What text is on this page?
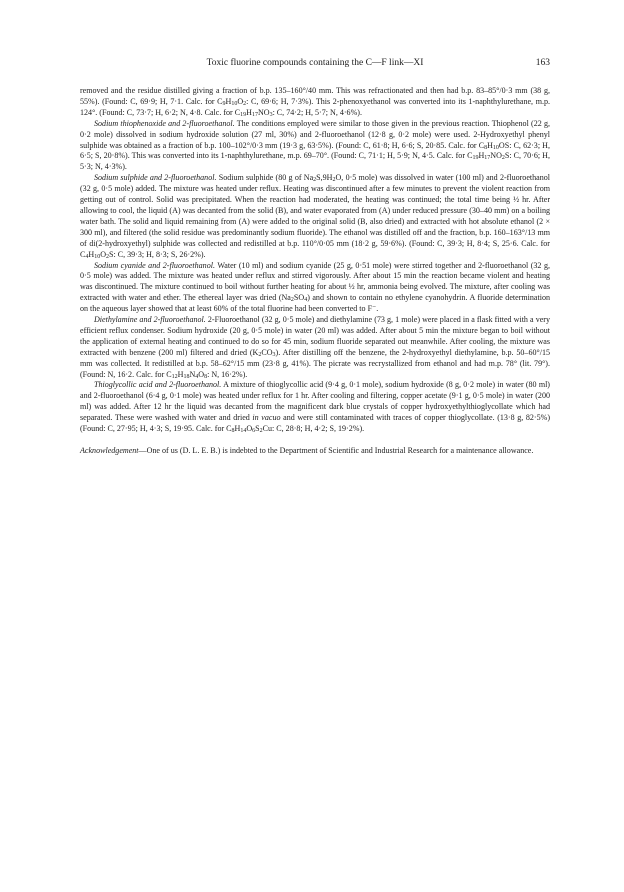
Toxic fluorine compounds containing the C—F link—XI	163

removed and the residue distilled giving a fraction of b.p. 135–160°/40 mm. This was refractionated and then had b.p. 83–85°/0·3 mm (38 g, 55%). (Found: C, 69·9; H, 7·1. Calc. for $C_9H_{10}O_2$: C, 69·6; H, 7·3%). This 2-phenoxyethanol was converted into its 1-naphthylurethane, m.p. 124°. (Found: C, 73·7; H, 6·2; N, 4·8. Calc. for $C_{19}H_{17}NO_3$: C, 74·2; H, 5·7; N, 4·6%).

Sodium thiophenoxide and 2-fluoroethanol. The conditions employed were similar to those given in the previous reaction. Thiophenol (22 g, 0·2 mole) dissolved in sodium hydroxide solution (27 ml, 30%) and 2-fluoroethanol (12·8 g, 0·2 mole) were used. 2-Hydroxyethyl phenyl sulphide was obtained as a fraction of b.p. 100–102°/0·3 mm (19·3 g, 63·5%). (Found: C, 61·8; H, 6·6; S, 20·85. Calc. for $C_8H_{10}OS$: C, 62·3; H, 6·5; S, 20·8%). This was converted into its 1-naphthylurethane, m.p. 69–70°. (Found: C, 71·1; H, 5·9; N, 4·5. Calc. for $C_{19}H_{17}NO_2S$: C, 70·6; H, 5·3; N, 4·3%).

Sodium sulphide and 2-fluoroethanol. Sodium sulphide (80 g of $Na_2S,9H_2O$, 0·5 mole) was dissolved in water (100 ml) and 2-fluoroethanol (32 g, 0·5 mole) added. The mixture was heated under reflux. Heating was discontinued after a few minutes to prevent the violent reaction from getting out of control. Solid was precipitated. When the reaction had moderated, the heating was continued; the total time being ½ hr. After allowing to cool, the liquid (A) was decanted from the solid (B), and water evaporated from (A) under reduced pressure (30–40 mm) on a boiling water bath. The solid and liquid remaining from (A) were added to the original solid (B, also dried) and extracted with hot absolute ethanol (2 × 300 ml), and filtered (the solid residue was predominantly sodium fluoride). The ethanol was distilled off and the fraction, b.p. 160–163°/13 mm of di(2-hydroxyethyl) sulphide was collected and redistilled at b.p. 110°/0·05 mm (18·2 g, 59·6%). (Found: C, 39·3; H, 8·4; S, 25·6. Calc. for $C_4H_{10}O_2S$: C, 39·3; H, 8·3; S, 26·2%).

Sodium cyanide and 2-fluoroethanol. Water (10 ml) and sodium cyanide (25 g, 0·51 mole) were stirred together and 2-fluoroethanol (32 g, 0·5 mole) was added. The mixture was heated under reflux and stirred vigorously. After about 15 min the reaction became violent and heating was discontinued. The mixture continued to boil without further heating for about ½ hr, ammonia being evolved. The mixture, after cooling was extracted with water and ether. The ethereal layer was dried $(Na_2SO_4)$ and shown to contain no ethylene cyanohydrin. A fluoride determination on the aqueous layer showed that at least 60% of the total fluorine had been converted to F⁻.

Diethylamine and 2-fluoroethanol. 2-Fluoroethanol (32 g, 0·5 mole) and diethylamine (73 g, 1 mole) were placed in a flask fitted with a very efficient reflux condenser. Sodium hydroxide (20 g, 0·5 mole) in water (20 ml) was added. After about 5 min the mixture began to boil without the application of external heating and continued to do so for 45 min, sodium fluoride separated out meanwhile. After cooling, the mixture was extracted with benzene (200 ml) filtered and dried $(K_2CO_3)$. After distilling off the benzene, the 2-hydroxyethyl diethylamine, b.p. 50–60°/15 mm was collected. It redistilled at b.p. 58–62°/15 mm (23·8 g, 41%). The picrate was recrystallized from ethanol and had m.p. 78° (lit. 79°). (Found: N, 16·2. Calc. for $C_{12}H_{18}N_4O_8$: N, 16·2%).

Thioglycollic acid and 2-fluoroethanol. A mixture of thioglycollic acid (9·4 g, 0·1 mole), sodium hydroxide (8 g, 0·2 mole) in water (80 ml) and 2-fluoroethanol (6·4 g, 0·1 mole) was heated under reflux for 1 hr. After cooling and filtering, copper acetate (9·1 g, 0·5 mole) in water (200 ml) was added. After 12 hr the liquid was decanted from the magnificent dark blue crystals of copper hydroxyethylthioglycollate which had separated. These were washed with water and dried in vacuo and were still contaminated with traces of copper thioglycollate. (13·8 g, 82·5%) (Found: C, 27·95; H, 4·3; S, 19·95. Calc. for $C_8H_{14}O_6S_2Cu$: C, 28·8; H, 4·2; S, 19·2%).

Acknowledgement—One of us (D. L. E. B.) is indebted to the Department of Scientific and Industrial Research for a maintenance allowance.
